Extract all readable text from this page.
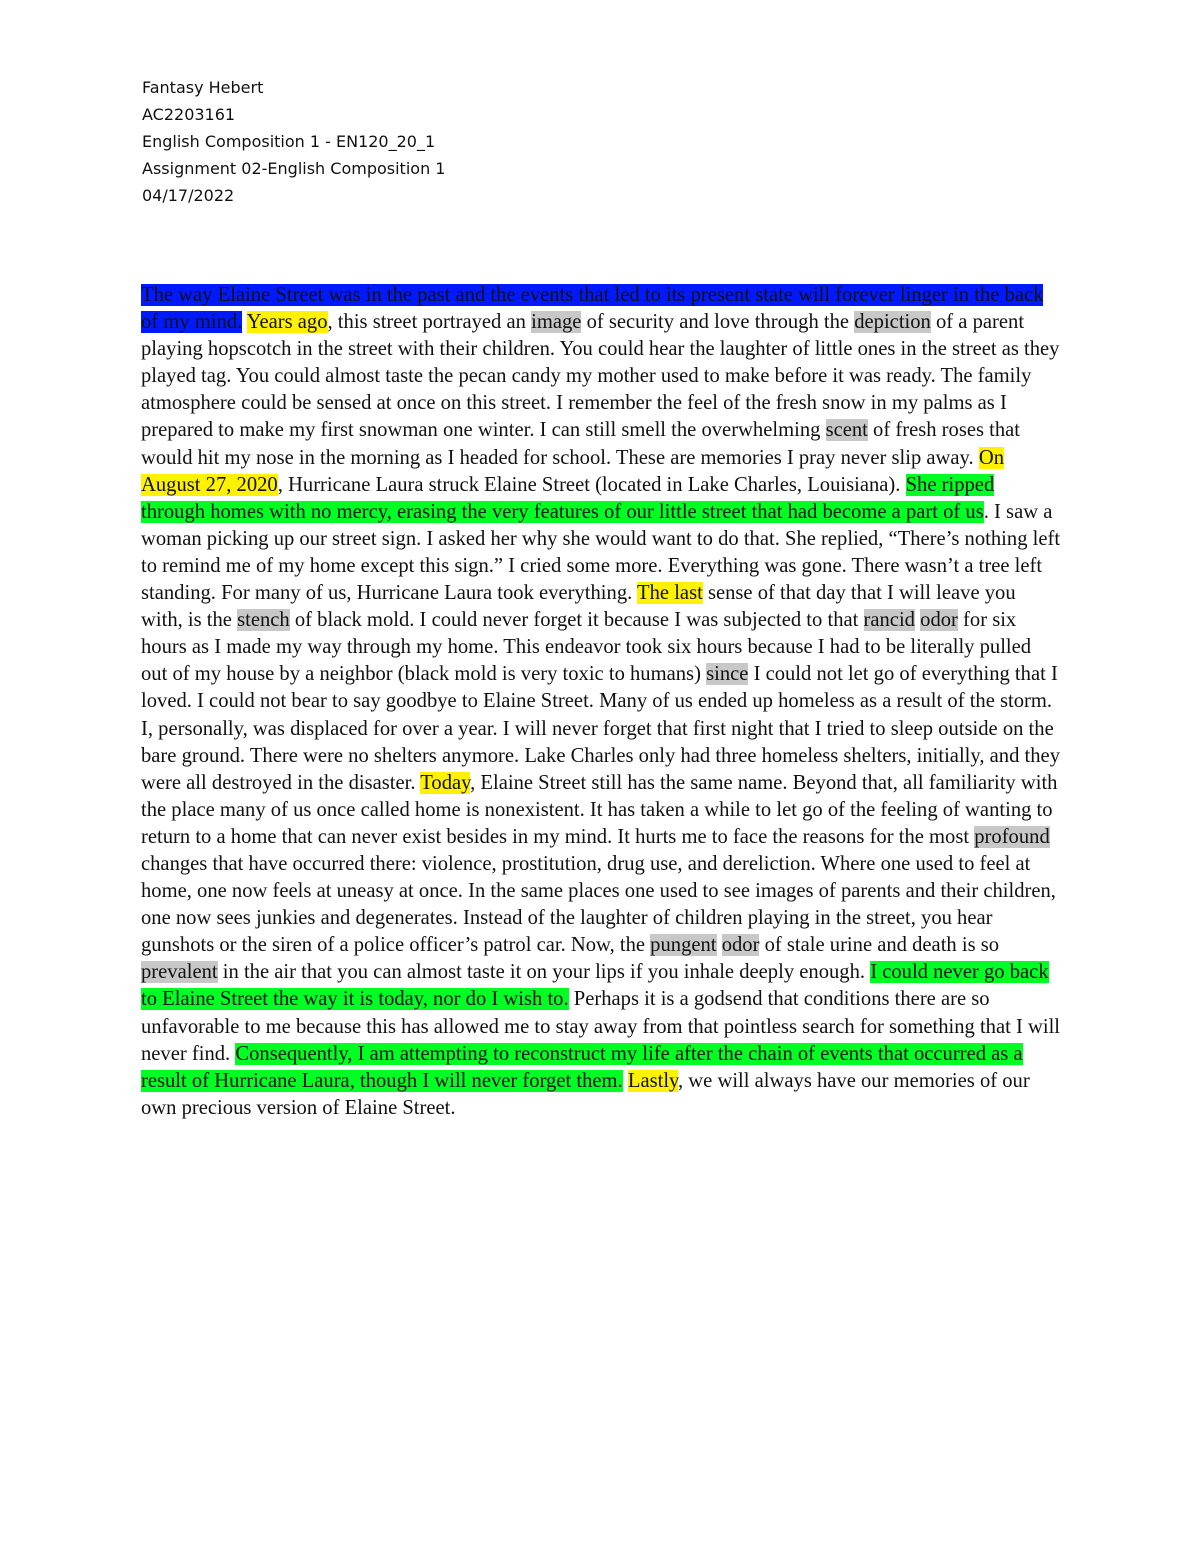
Fantasy Hebert
AC2203161
English Composition 1 - EN120_20_1
Assignment 02-English Composition 1
04/17/2022

The way Elaine Street was in the past and the events that led to its present state will forever linger in the back of my mind. Years ago, this street portrayed an image of security and love through the depiction of a parent playing hopscotch in the street with their children. You could hear the laughter of little ones in the street as they played tag. You could almost taste the pecan candy my mother used to make before it was ready. The family atmosphere could be sensed at once on this street. I remember the feel of the fresh snow in my palms as I prepared to make my first snowman one winter. I can still smell the overwhelming scent of fresh roses that would hit my nose in the morning as I headed for school. These are memories I pray never slip away. On August 27, 2020, Hurricane Laura struck Elaine Street (located in Lake Charles, Louisiana). She ripped through homes with no mercy, erasing the very features of our little street that had become a part of us. I saw a woman picking up our street sign. I asked her why she would want to do that. She replied, “There’s nothing left to remind me of my home except this sign.” I cried some more. Everything was gone. There wasn’t a tree left standing. For many of us, Hurricane Laura took everything. The last sense of that day that I will leave you with, is the stench of black mold. I could never forget it because I was subjected to that rancid odor for six hours as I made my way through my home. This endeavor took six hours because I had to be literally pulled out of my house by a neighbor (black mold is very toxic to humans) since I could not let go of everything that I loved. I could not bear to say goodbye to Elaine Street. Many of us ended up homeless as a result of the storm. I, personally, was displaced for over a year. I will never forget that first night that I tried to sleep outside on the bare ground. There were no shelters anymore. Lake Charles only had three homeless shelters, initially, and they were all destroyed in the disaster. Today, Elaine Street still has the same name. Beyond that, all familiarity with the place many of us once called home is nonexistent. It has taken a while to let go of the feeling of wanting to return to a home that can never exist besides in my mind. It hurts me to face the reasons for the most profound changes that have occurred there: violence, prostitution, drug use, and dereliction. Where one used to feel at home, one now feels at uneasy at once. In the same places one used to see images of parents and their children, one now sees junkies and degenerates. Instead of the laughter of children playing in the street, you hear gunshots or the siren of a police officer’s patrol car. Now, the pungent odor of stale urine and death is so prevalent in the air that you can almost taste it on your lips if you inhale deeply enough. I could never go back to Elaine Street the way it is today, nor do I wish to. Perhaps it is a godsend that conditions there are so unfavorable to me because this has allowed me to stay away from that pointless search for something that I will never find. Consequently, I am attempting to reconstruct my life after the chain of events that occurred as a result of Hurricane Laura, though I will never forget them. Lastly, we will always have our memories of our own precious version of Elaine Street.
